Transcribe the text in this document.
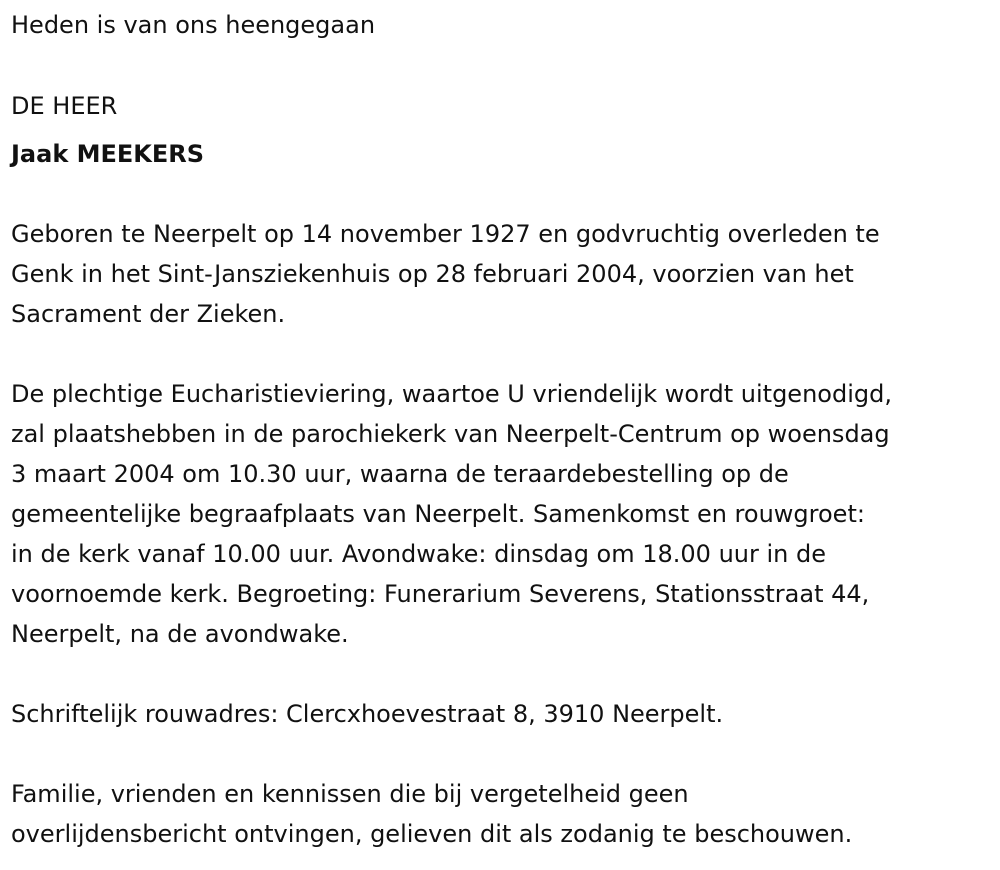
Heden is van ons heengegaan
DE HEER
Jaak MEEKERS
Geboren te Neerpelt op 14 november 1927 en godvruchtig overleden te
Genk in het Sint-Jansziekenhuis op 28 februari 2004, voorzien van het
Sacrament der Zieken.
De plechtige Eucharistieviering, waartoe U vriendelijk wordt uitgenodigd,
zal plaatshebben in de parochiekerk van Neerpelt-Centrum op woensdag
3 maart 2004 om 10.30 uur, waarna de teraardebestelling op de
gemeentelijke begraafplaats van Neerpelt. Samenkomst en rouwgroet:
in de kerk vanaf 10.00 uur. Avondwake: dinsdag om 18.00 uur in de
voornoemde kerk. Begroeting: Funerarium Severens, Stationsstraat 44,
Neerpelt, na de avondwake.
Schriftelijk rouwadres: Clercxhoevestraat 8, 3910 Neerpelt.
Familie, vrienden en kennissen die bij vergetelheid geen
overlijdensbericht ontvingen, gelieven dit als zodanig te beschouwen.
